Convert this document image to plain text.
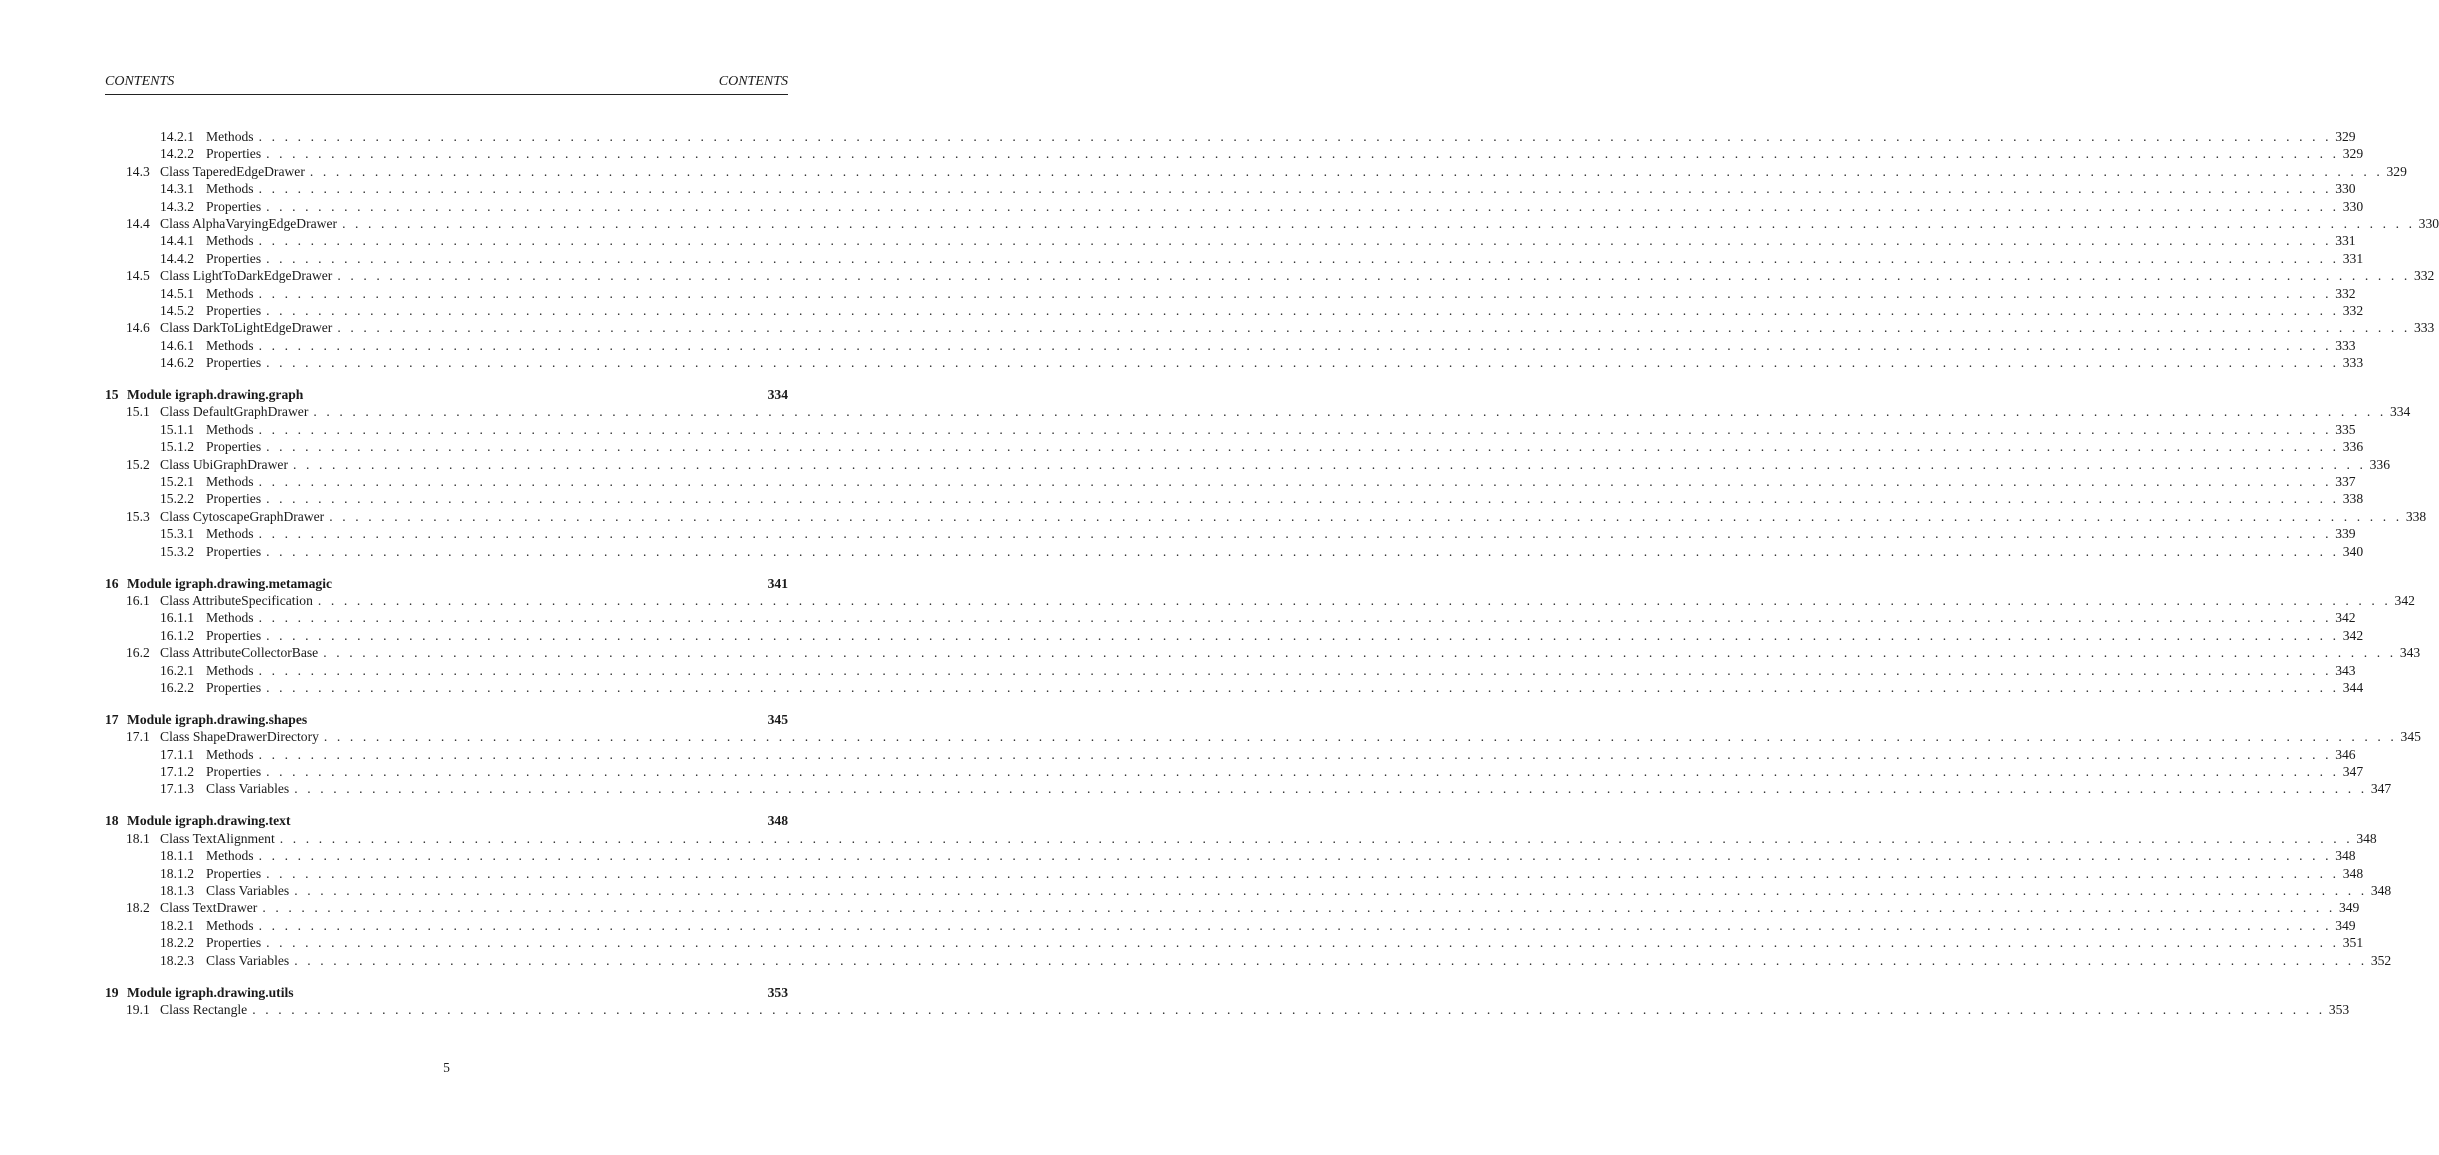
CONTENTS	CONTENTS
14.2.1 Methods . . . . . . . . . . . . . . . . . . . . . . . . . . . . . . . . . . . . . . . . . . . . . . . . . . . . . . . . . . . . . . . . . . . . . . . . . . . . . . . . . . . . . . . . . . . . . . . . . . . . . . . . . . . . . . . . . . . . . . . . . . . . . . . . . . . . . . . . . . . . . . . . . . . . . . . . . . . . . . . . 329
14.2.2 Properties . . . . . . . . . . . . . . . . . . . . . . . . . . . . . . . . . . . . . . . . . . . . . . . . . . . . . . . . . . . . . . . . . . . . . . . . . . . . . . . . . . . . . . . . . . . . . . . . . . . . . . . . . . . . . . . . . . . . . . . . . . . . . . . . . . . . . . . . . . . . . . . . . . . . . . . . . . . . . . . . 329
14.3 Class TaperedEdgeDrawer . . . . . . . . . . . . . . . . . . . . . . . . . . . . . . . . . . . . . . . . . . . . . . . . . . . . . . . . . . . . . . . . . . . . . . . . . . . . . . . . . . . . . . . . . . . . . . . . . . . . . . . . . . . . . . . . . . . . . . . . . . . . . . . . . . . . . . . . . . . . . . . . . . . . . . . . . . . . . . . . 329
14.3.1 Methods . . . . . . . . . . . . . . . . . . . . . . . . . . . . . . . . . . . . . . . . . . . . . . . . . . . . . . . . . . . . . . . . . . . . . . . . . . . . . . . . . . . . . . . . . . . . . . . . . . . . . . . . . . . . . . . . . . . . . . . . . . . . . . . . . . . . . . . . . . . . . . . . . . . . . . . . . . . . . . . . 330
14.3.2 Properties . . . . . . . . . . . . . . . . . . . . . . . . . . . . . . . . . . . . . . . . . . . . . . . . . . . . . . . . . . . . . . . . . . . . . . . . . . . . . . . . . . . . . . . . . . . . . . . . . . . . . . . . . . . . . . . . . . . . . . . . . . . . . . . . . . . . . . . . . . . . . . . . . . . . . . . . . . . . . . . . 330
14.4 Class AlphaVaryingEdgeDrawer . . . . . . . . . . . . . . . . . . . . . . . . . . . . . . . . . . . . . . . . . . . . . . . . . . . . . . . . . . . . . . . . . . . . . . . . . . . . . . . . . . . . . . . . . . . . . . . . . . . . . . . . . . . . . . . . . . . . . . . . . . . . . . . . . . . . . . . . . . . . . . . . . . . . . . . . . . . . . . . . 330
14.4.1 Methods . . . . . . . . . . . . . . . . . . . . . . . . . . . . . . . . . . . . . . . . . . . . . . . . . . . . . . . . . . . . . . . . . . . . . . . . . . . . . . . . . . . . . . . . . . . . . . . . . . . . . . . . . . . . . . . . . . . . . . . . . . . . . . . . . . . . . . . . . . . . . . . . . . . . . . . . . . . . . . . . 331
14.4.2 Properties . . . . . . . . . . . . . . . . . . . . . . . . . . . . . . . . . . . . . . . . . . . . . . . . . . . . . . . . . . . . . . . . . . . . . . . . . . . . . . . . . . . . . . . . . . . . . . . . . . . . . . . . . . . . . . . . . . . . . . . . . . . . . . . . . . . . . . . . . . . . . . . . . . . . . . . . . . . . . . . . 331
14.5 Class LightToDarkEdgeDrawer . . . . . . . . . . . . . . . . . . . . . . . . . . . . . . . . . . . . . . . . . . . . . . . . . . . . . . . . . . . . . . . . . . . . . . . . . . . . . . . . . . . . . . . . . . . . . . . . . . . . . . . . . . . . . . . . . . . . . . . . . . . . . . . . . . . . . . . . . . . . . . . . . . . . . . . . . . . . . . . . 332
14.5.1 Methods . . . . . . . . . . . . . . . . . . . . . . . . . . . . . . . . . . . . . . . . . . . . . . . . . . . . . . . . . . . . . . . . . . . . . . . . . . . . . . . . . . . . . . . . . . . . . . . . . . . . . . . . . . . . . . . . . . . . . . . . . . . . . . . . . . . . . . . . . . . . . . . . . . . . . . . . . . . . . . . . 332
14.5.2 Properties . . . . . . . . . . . . . . . . . . . . . . . . . . . . . . . . . . . . . . . . . . . . . . . . . . . . . . . . . . . . . . . . . . . . . . . . . . . . . . . . . . . . . . . . . . . . . . . . . . . . . . . . . . . . . . . . . . . . . . . . . . . . . . . . . . . . . . . . . . . . . . . . . . . . . . . . . . . . . . . . 332
14.6 Class DarkToLightEdgeDrawer . . . . . . . . . . . . . . . . . . . . . . . . . . . . . . . . . . . . . . . . . . . . . . . . . . . . . . . . . . . . . . . . . . . . . . . . . . . . . . . . . . . . . . . . . . . . . . . . . . . . . . . . . . . . . . . . . . . . . . . . . . . . . . . . . . . . . . . . . . . . . . . . . . . . . . . . . . . . . . . . 333
14.6.1 Methods . . . . . . . . . . . . . . . . . . . . . . . . . . . . . . . . . . . . . . . . . . . . . . . . . . . . . . . . . . . . . . . . . . . . . . . . . . . . . . . . . . . . . . . . . . . . . . . . . . . . . . . . . . . . . . . . . . . . . . . . . . . . . . . . . . . . . . . . . . . . . . . . . . . . . . . . . . . . . . . . 333
14.6.2 Properties . . . . . . . . . . . . . . . . . . . . . . . . . . . . . . . . . . . . . . . . . . . . . . . . . . . . . . . . . . . . . . . . . . . . . . . . . . . . . . . . . . . . . . . . . . . . . . . . . . . . . . . . . . . . . . . . . . . . . . . . . . . . . . . . . . . . . . . . . . . . . . . . . . . . . . . . . . . . . . . . 333
15 Module igraph.drawing.graph	334
15.1 Class DefaultGraphDrawer . . . . . . . . . . . . . . . . . . . . . . . . . . . . . . . . . . . . . . . . . . . . . . . . . . . . . . . . . . . . . . . . . . . . . . . . . . . . . . . . . . . . . . . . . . . . . . . . . . . . . . . . . . . . . . . . . . . . . . . . . . . . . . . . . . . . . . . . . . . . . . . . . . . . . . . . . . . . . . . . 334
15.1.1 Methods . . . . . . . . . . . . . . . . . . . . . . . . . . . . . . . . . . . . . . . . . . . . . . . . . . . . . . . . . . . . . . . . . . . . . . . . . . . . . . . . . . . . . . . . . . . . . . . . . . . . . . . . . . . . . . . . . . . . . . . . . . . . . . . . . . . . . . . . . . . . . . . . . . . . . . . . . . . . . . . . 335
15.1.2 Properties . . . . . . . . . . . . . . . . . . . . . . . . . . . . . . . . . . . . . . . . . . . . . . . . . . . . . . . . . . . . . . . . . . . . . . . . . . . . . . . . . . . . . . . . . . . . . . . . . . . . . . . . . . . . . . . . . . . . . . . . . . . . . . . . . . . . . . . . . . . . . . . . . . . . . . . . . . . . . . . . 336
15.2 Class UbiGraphDrawer . . . . . . . . . . . . . . . . . . . . . . . . . . . . . . . . . . . . . . . . . . . . . . . . . . . . . . . . . . . . . . . . . . . . . . . . . . . . . . . . . . . . . . . . . . . . . . . . . . . . . . . . . . . . . . . . . . . . . . . . . . . . . . . . . . . . . . . . . . . . . . . . . . . . . . . . . . . . . . . . 336
15.2.1 Methods . . . . . . . . . . . . . . . . . . . . . . . . . . . . . . . . . . . . . . . . . . . . . . . . . . . . . . . . . . . . . . . . . . . . . . . . . . . . . . . . . . . . . . . . . . . . . . . . . . . . . . . . . . . . . . . . . . . . . . . . . . . . . . . . . . . . . . . . . . . . . . . . . . . . . . . . . . . . . . . . 337
15.2.2 Properties . . . . . . . . . . . . . . . . . . . . . . . . . . . . . . . . . . . . . . . . . . . . . . . . . . . . . . . . . . . . . . . . . . . . . . . . . . . . . . . . . . . . . . . . . . . . . . . . . . . . . . . . . . . . . . . . . . . . . . . . . . . . . . . . . . . . . . . . . . . . . . . . . . . . . . . . . . . . . . . . 338
15.3 Class CytoscapeGraphDrawer . . . . . . . . . . . . . . . . . . . . . . . . . . . . . . . . . . . . . . . . . . . . . . . . . . . . . . . . . . . . . . . . . . . . . . . . . . . . . . . . . . . . . . . . . . . . . . . . . . . . . . . . . . . . . . . . . . . . . . . . . . . . . . . . . . . . . . . . . . . . . . . . . . . . . . . . . . . . . . . . 338
15.3.1 Methods . . . . . . . . . . . . . . . . . . . . . . . . . . . . . . . . . . . . . . . . . . . . . . . . . . . . . . . . . . . . . . . . . . . . . . . . . . . . . . . . . . . . . . . . . . . . . . . . . . . . . . . . . . . . . . . . . . . . . . . . . . . . . . . . . . . . . . . . . . . . . . . . . . . . . . . . . . . . . . . . 339
15.3.2 Properties . . . . . . . . . . . . . . . . . . . . . . . . . . . . . . . . . . . . . . . . . . . . . . . . . . . . . . . . . . . . . . . . . . . . . . . . . . . . . . . . . . . . . . . . . . . . . . . . . . . . . . . . . . . . . . . . . . . . . . . . . . . . . . . . . . . . . . . . . . . . . . . . . . . . . . . . . . . . . . . . 340
16 Module igraph.drawing.metamagic	341
16.1 Class AttributeSpecification . . . . . . . . . . . . . . . . . . . . . . . . . . . . . . . . . . . . . . . . . . . . . . . . . . . . . . . . . . . . . . . . . . . . . . . . . . . . . . . . . . . . . . . . . . . . . . . . . . . . . . . . . . . . . . . . . . . . . . . . . . . . . . . . . . . . . . . . . . . . . . . . . . . . . . . . . . . . . . . . 342
16.1.1 Methods . . . . . . . . . . . . . . . . . . . . . . . . . . . . . . . . . . . . . . . . . . . . . . . . . . . . . . . . . . . . . . . . . . . . . . . . . . . . . . . . . . . . . . . . . . . . . . . . . . . . . . . . . . . . . . . . . . . . . . . . . . . . . . . . . . . . . . . . . . . . . . . . . . . . . . . . . . . . . . . . 342
16.1.2 Properties . . . . . . . . . . . . . . . . . . . . . . . . . . . . . . . . . . . . . . . . . . . . . . . . . . . . . . . . . . . . . . . . . . . . . . . . . . . . . . . . . . . . . . . . . . . . . . . . . . . . . . . . . . . . . . . . . . . . . . . . . . . . . . . . . . . . . . . . . . . . . . . . . . . . . . . . . . . . . . . . 342
16.2 Class AttributeCollectorBase . . . . . . . . . . . . . . . . . . . . . . . . . . . . . . . . . . . . . . . . . . . . . . . . . . . . . . . . . . . . . . . . . . . . . . . . . . . . . . . . . . . . . . . . . . . . . . . . . . . . . . . . . . . . . . . . . . . . . . . . . . . . . . . . . . . . . . . . . . . . . . . . . . . . . . . . . . . . . . . . 343
16.2.1 Methods . . . . . . . . . . . . . . . . . . . . . . . . . . . . . . . . . . . . . . . . . . . . . . . . . . . . . . . . . . . . . . . . . . . . . . . . . . . . . . . . . . . . . . . . . . . . . . . . . . . . . . . . . . . . . . . . . . . . . . . . . . . . . . . . . . . . . . . . . . . . . . . . . . . . . . . . . . . . . . . . 343
16.2.2 Properties . . . . . . . . . . . . . . . . . . . . . . . . . . . . . . . . . . . . . . . . . . . . . . . . . . . . . . . . . . . . . . . . . . . . . . . . . . . . . . . . . . . . . . . . . . . . . . . . . . . . . . . . . . . . . . . . . . . . . . . . . . . . . . . . . . . . . . . . . . . . . . . . . . . . . . . . . . . . . . . . 344
17 Module igraph.drawing.shapes	345
17.1 Class ShapeDrawerDirectory . . . . . . . . . . . . . . . . . . . . . . . . . . . . . . . . . . . . . . . . . . . . . . . . . . . . . . . . . . . . . . . . . . . . . . . . . . . . . . . . . . . . . . . . . . . . . . . . . . . . . . . . . . . . . . . . . . . . . . . . . . . . . . . . . . . . . . . . . . . . . . . . . . . . . . . . . . . . . . . . 345
17.1.1 Methods . . . . . . . . . . . . . . . . . . . . . . . . . . . . . . . . . . . . . . . . . . . . . . . . . . . . . . . . . . . . . . . . . . . . . . . . . . . . . . . . . . . . . . . . . . . . . . . . . . . . . . . . . . . . . . . . . . . . . . . . . . . . . . . . . . . . . . . . . . . . . . . . . . . . . . . . . . . . . . . . 346
17.1.2 Properties . . . . . . . . . . . . . . . . . . . . . . . . . . . . . . . . . . . . . . . . . . . . . . . . . . . . . . . . . . . . . . . . . . . . . . . . . . . . . . . . . . . . . . . . . . . . . . . . . . . . . . . . . . . . . . . . . . . . . . . . . . . . . . . . . . . . . . . . . . . . . . . . . . . . . . . . . . . . . . . . 347
17.1.3 Class Variables . . . . . . . . . . . . . . . . . . . . . . . . . . . . . . . . . . . . . . . . . . . . . . . . . . . . . . . . . . . . . . . . . . . . . . . . . . . . . . . . . . . . . . . . . . . . . . . . . . . . . . . . . . . . . . . . . . . . . . . . . . . . . . . . . . . . . . . . . . . . . . . . . . . . . . . . . . . . . . . . 347
18 Module igraph.drawing.text	348
18.1 Class TextAlignment . . . . . . . . . . . . . . . . . . . . . . . . . . . . . . . . . . . . . . . . . . . . . . . . . . . . . . . . . . . . . . . . . . . . . . . . . . . . . . . . . . . . . . . . . . . . . . . . . . . . . . . . . . . . . . . . . . . . . . . . . . . . . . . . . . . . . . . . . . . . . . . . . . . . . . . . . . . . . . . . 348
18.1.1 Methods . . . . . . . . . . . . . . . . . . . . . . . . . . . . . . . . . . . . . . . . . . . . . . . . . . . . . . . . . . . . . . . . . . . . . . . . . . . . . . . . . . . . . . . . . . . . . . . . . . . . . . . . . . . . . . . . . . . . . . . . . . . . . . . . . . . . . . . . . . . . . . . . . . . . . . . . . . . . . . . . 348
18.1.2 Properties . . . . . . . . . . . . . . . . . . . . . . . . . . . . . . . . . . . . . . . . . . . . . . . . . . . . . . . . . . . . . . . . . . . . . . . . . . . . . . . . . . . . . . . . . . . . . . . . . . . . . . . . . . . . . . . . . . . . . . . . . . . . . . . . . . . . . . . . . . . . . . . . . . . . . . . . . . . . . . . . 348
18.1.3 Class Variables . . . . . . . . . . . . . . . . . . . . . . . . . . . . . . . . . . . . . . . . . . . . . . . . . . . . . . . . . . . . . . . . . . . . . . . . . . . . . . . . . . . . . . . . . . . . . . . . . . . . . . . . . . . . . . . . . . . . . . . . . . . . . . . . . . . . . . . . . . . . . . . . . . . . . . . . . . . . . . . . 348
18.2 Class TextDrawer . . . . . . . . . . . . . . . . . . . . . . . . . . . . . . . . . . . . . . . . . . . . . . . . . . . . . . . . . . . . . . . . . . . . . . . . . . . . . . . . . . . . . . . . . . . . . . . . . . . . . . . . . . . . . . . . . . . . . . . . . . . . . . . . . . . . . . . . . . . . . . . . . . . . . . . . . . . . . . . . 349
18.2.1 Methods . . . . . . . . . . . . . . . . . . . . . . . . . . . . . . . . . . . . . . . . . . . . . . . . . . . . . . . . . . . . . . . . . . . . . . . . . . . . . . . . . . . . . . . . . . . . . . . . . . . . . . . . . . . . . . . . . . . . . . . . . . . . . . . . . . . . . . . . . . . . . . . . . . . . . . . . . . . . . . . . 349
18.2.2 Properties . . . . . . . . . . . . . . . . . . . . . . . . . . . . . . . . . . . . . . . . . . . . . . . . . . . . . . . . . . . . . . . . . . . . . . . . . . . . . . . . . . . . . . . . . . . . . . . . . . . . . . . . . . . . . . . . . . . . . . . . . . . . . . . . . . . . . . . . . . . . . . . . . . . . . . . . . . . . . . . . 351
18.2.3 Class Variables . . . . . . . . . . . . . . . . . . . . . . . . . . . . . . . . . . . . . . . . . . . . . . . . . . . . . . . . . . . . . . . . . . . . . . . . . . . . . . . . . . . . . . . . . . . . . . . . . . . . . . . . . . . . . . . . . . . . . . . . . . . . . . . . . . . . . . . . . . . . . . . . . . . . . . . . . . . . . . . . 352
19 Module igraph.drawing.utils	353
19.1 Class Rectangle . . . . . . . . . . . . . . . . . . . . . . . . . . . . . . . . . . . . . . . . . . . . . . . . . . . . . . . . . . . . . . . . . . . . . . . . . . . . . . . . . . . . . . . . . . . . . . . . . . . . . . . . . . . . . . . . . . . . . . . . . . . . . . . . . . . . . . . . . . . . . . . . . . . . . . . . . . . . . . . . 353
5
